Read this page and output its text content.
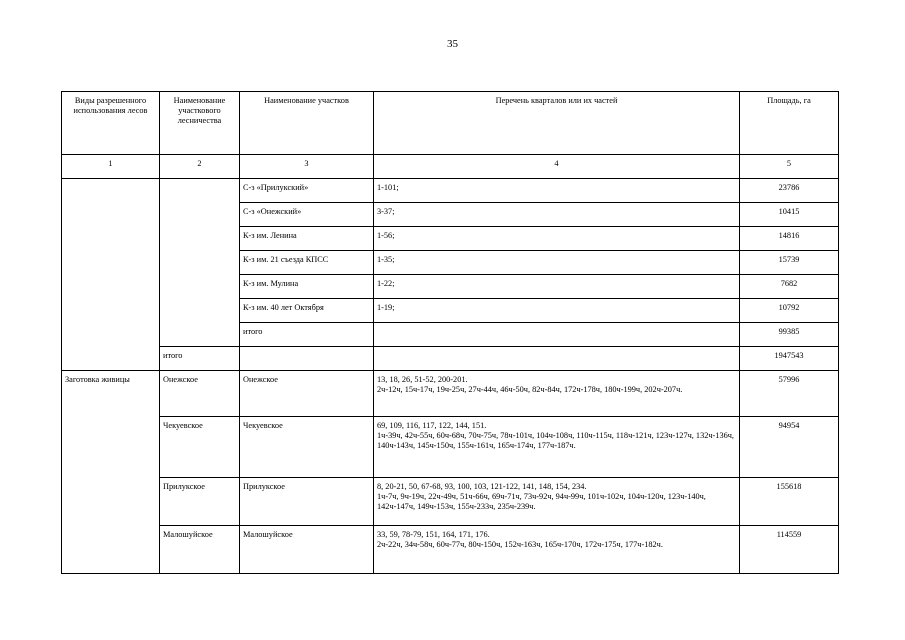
35
Виды разрешенного использования лесов	Наименование участкового лесничества	Наименование участков	Перечень кварталов или их частей	Площадь, га
1	2	3	4	5
		С-з «Прилукский»	1-101;	23786
		С-з «Онежский»	3-37;	10415
		К-з им. Ленина	1-56;	14816
		К-з им. 21 съезда КПСС	1-35;	15739
		К-з им. Мулина	1-22;	7682
		К-з им. 40 лет Октября	1-19;	10792
		итого		99385
	итого			1947543
Заготовка живицы	Онежское	Онежское	13, 18, 26, 51-52, 200-201.
2ч-12ч, 15ч-17ч, 19ч-25ч, 27ч-44ч, 46ч-50ч, 82ч-84ч, 172ч-178ч, 180ч-199ч, 202ч-207ч.	57996
	Чекуевское	Чекуевское	69, 109, 116, 117, 122, 144, 151.
1ч-39ч, 42ч-55ч, 60ч-68ч, 70ч-75ч, 78ч-101ч, 104ч-108ч, 110ч-115ч, 118ч-121ч, 123ч-127ч, 132ч-136ч, 140ч-143ч, 145ч-150ч, 155ч-161ч, 165ч-174ч, 177ч-187ч.	94954
	Прилукское	Прилукское	8, 20-21, 50, 67-68, 93, 100, 103, 121-122, 141, 148, 154, 234.
1ч-7ч, 9ч-19ч, 22ч-49ч, 51ч-66ч, 69ч-71ч, 73ч-92ч, 94ч-99ч, 101ч-102ч, 104ч-120ч, 123ч-140ч, 142ч-147ч, 149ч-153ч, 155ч-233ч, 235ч-239ч.	155618
	Малошуйское	Малошуйское	33, 59, 78-79, 151, 164, 171, 176.
2ч-22ч, 34ч-58ч, 60ч-77ч, 80ч-150ч, 152ч-163ч, 165ч-170ч, 172ч-175ч, 177ч-182ч.	114559
